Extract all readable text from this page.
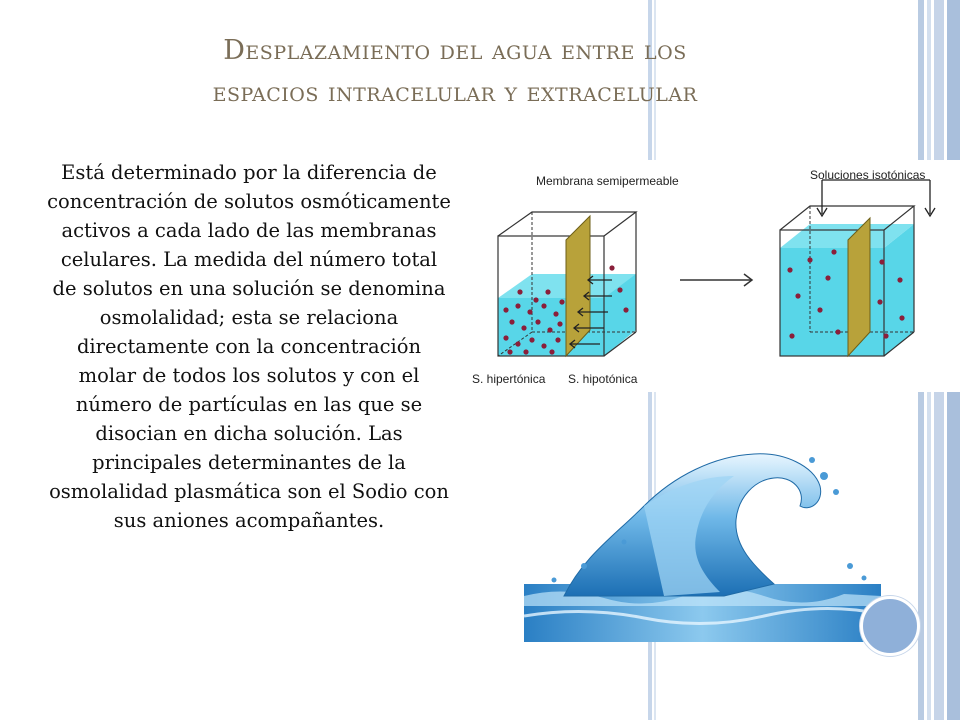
Desplazamiento del agua entre los
espacios intracelular y extracelular
Está determinado por la diferencia de concentración de solutos osmóticamente activos a cada lado de las membranas celulares. La medida del número total de solutos en una solución se denomina osmolalidad; esta se relaciona directamente con la concentración molar de todos los solutos y con el número de partículas en las que se disocian en dicha solución. Las principales determinantes de la osmolalidad plasmática son el Sodio con sus aniones acompañantes.
Membrana semipermeable	Soluciones isotónicas
S. hipertónica S. hipotónica
